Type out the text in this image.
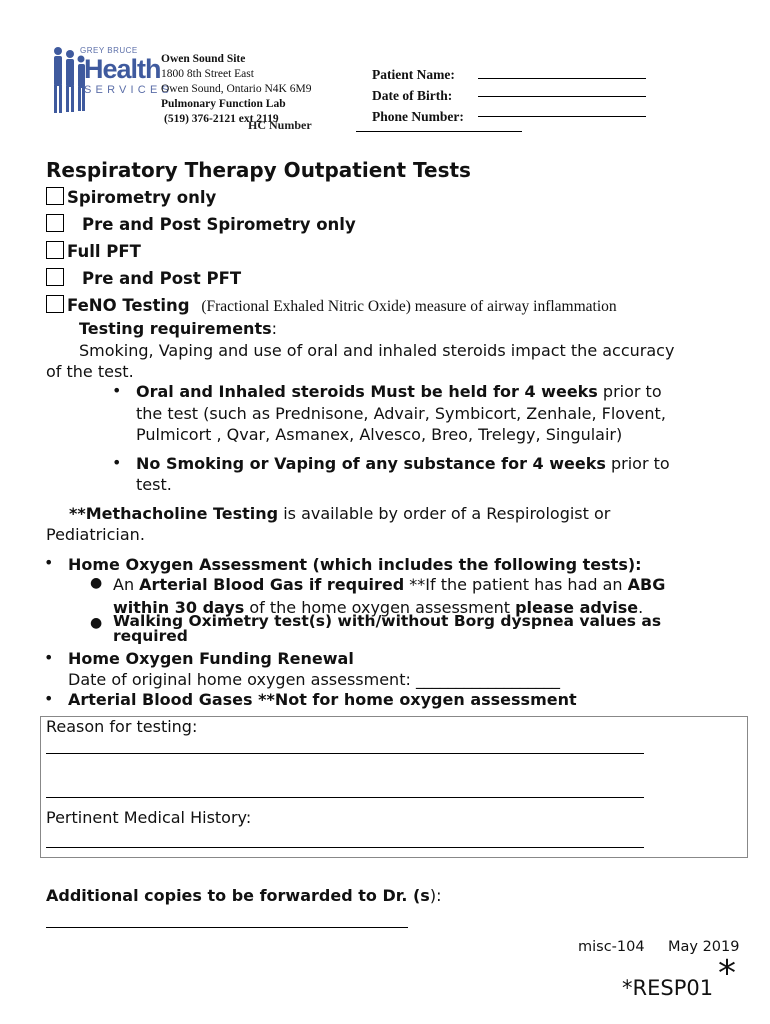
GREY BRUCE
Health
SERVICES
Owen Sound Site
1800 8th Street East
Owen Sound, Ontario N4K 6M9
Pulmonary Function Lab
(519) 376-2121 ext 2119
HC Number
Patient Name:
Date of Birth:
Phone Number:
Respiratory Therapy Outpatient Tests
Spirometry only
Pre and Post Spirometry only
Full PFT
Pre and Post PFT
FeNO Testing (Fractional Exhaled Nitric Oxide) measure of airway inflammation
Testing requirements:
Smoking, Vaping and use of oral and inhaled steroids impact the accuracy
of the test.
• Oral and Inhaled steroids Must be held for 4 weeks prior to
the test (such as Prednisone, Advair, Symbicort, Zenhale, Flovent,
Pulmicort , Qvar, Asmanex, Alvesco, Breo, Trelegy, Singulair)
• No Smoking or Vaping of any substance for 4 weeks prior to
test.
**Methacholine Testing is available by order of a Respirologist or
Pediatrician.
• Home Oxygen Assessment (which includes the following tests):
● An Arterial Blood Gas if required **If the patient has had an ABG
within 30 days of the home oxygen assessment please advise.
● Walking Oximetry test(s) with/without Borg dyspnea values as
required
• Home Oxygen Funding Renewal
Date of original home oxygen assessment: __________________
• Arterial Blood Gases **Not for home oxygen assessment
Reason for testing:
Pertinent Medical History:
Additional copies to be forwarded to Dr. (s):
misc-104 May 2019
*RESP01 *
